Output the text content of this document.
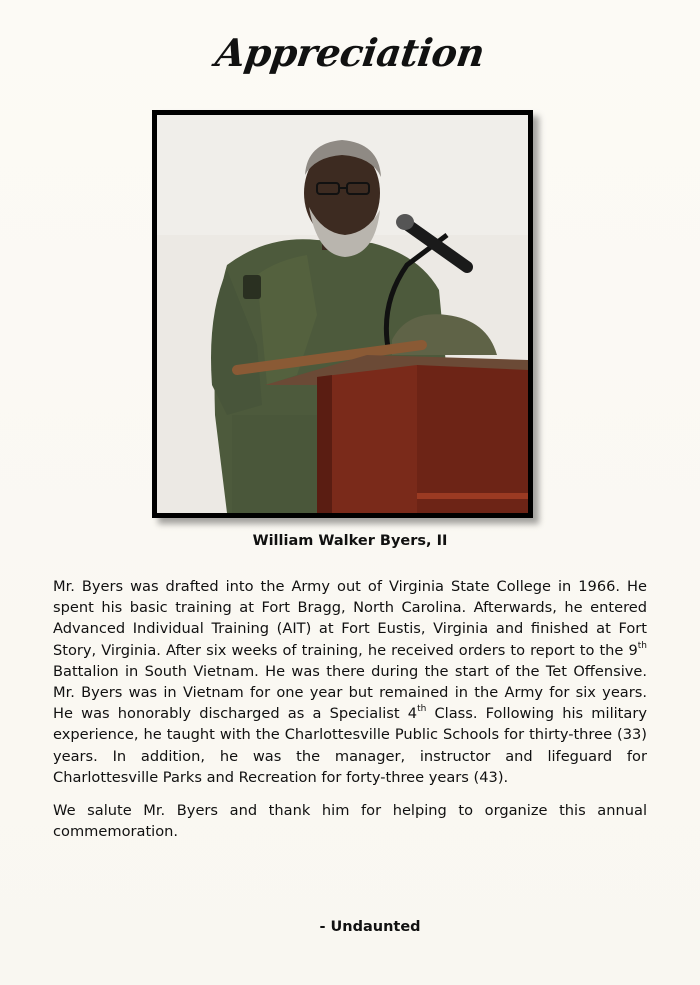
Appreciation
William Walker Byers, II

Mr. Byers was drafted into the Army out of Virginia State College in 1966. He spent his basic training at Fort Bragg, North Carolina. Afterwards, he entered Advanced Individual Training (AIT) at Fort Eustis, Virginia and finished at Fort Story, Virginia. After six weeks of training, he received orders to report to the 9th Battalion in South Vietnam. He was there during the start of the Tet Offensive. Mr. Byers was in Vietnam for one year but remained in the Army for six years. He was honorably discharged as a Specialist 4th Class. Following his military experience, he taught with the Charlottesville Public Schools for thirty-three (33) years. In addition, he was the manager, instructor and lifeguard for Charlottesville Parks and Recreation for forty-three years (43).

We salute Mr. Byers and thank him for helping to organize this annual commemoration.

- Undaunted
